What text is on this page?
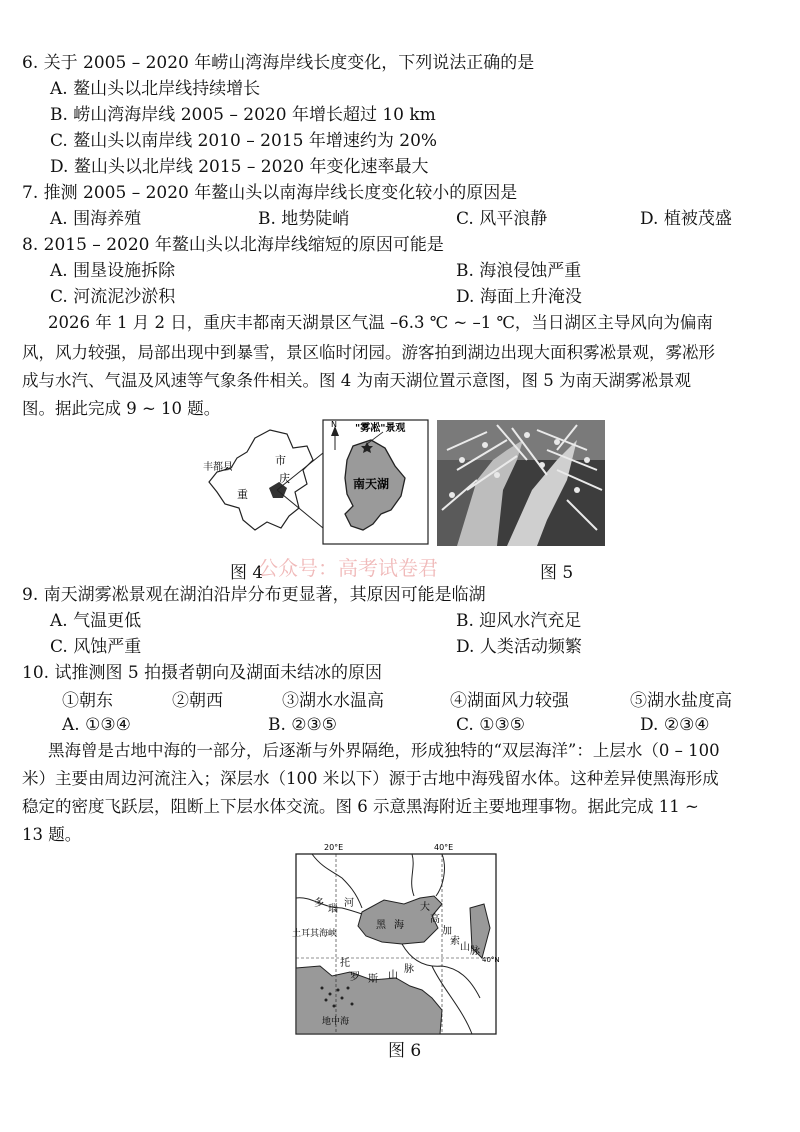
6. 关于 2005 – 2020 年崂山湾海岸线长度变化，下列说法正确的是
A. 鳌山头以北岸线持续增长
B. 崂山湾海岸线 2005 – 2020 年增长超过 10 km
C. 鳌山头以南岸线 2010 – 2015 年增速约为 20%
D. 鳌山头以北岸线 2015 – 2020 年变化速率最大
7. 推测 2005 – 2020 年鳌山头以南海岸线长度变化较小的原因是
A. 围海养殖	B. 地势陡峭	C. 风平浪静	D. 植被茂盛
8. 2015 – 2020 年鳌山头以北海岸线缩短的原因可能是
A. 围垦设施拆除	B. 海浪侵蚀严重
C. 河流泥沙淤积	D. 海面上升淹没
2026 年 1 月 2 日，重庆丰都南天湖景区气温 –6.3 ℃ ~ –1 ℃，当日湖区主导风向为偏南
风，风力较强，局部出现中到暴雪，景区临时闭园。游客拍到湖边出现大面积雾凇景观，雾凇形
成与水汽、气温及风速等气象条件相关。图 4 为南天湖位置示意图，图 5 为南天湖雾凇景观
图。据此完成 9 ~ 10 题。
N "雾凇"景观
南天湖
丰都县
市
庆
重
图 4
公众号：高考试卷君	图 5
9. 南天湖雾凇景观在湖泊沿岸分布更显著，其原因可能是临湖
A. 气温更低	B. 迎风水汽充足
C. 风蚀严重	D. 人类活动频繁
10. 试推测图 5 拍摄者朝向及湖面未结冰的原因
①朝东	②朝西	③湖水水温高	④湖面风力较强	⑤湖水盐度高
A. ①③④	B. ②③⑤	C. ①③⑤	D. ②③④
黑海曾是古地中海的一部分，后逐渐与外界隔绝，形成独特的“双层海洋”：上层水（0 – 100
米）主要由周边河流注入；深层水（100 米以下）源于古地中海残留水体。这种差异使黑海形成
稳定的密度飞跃层，阻断上下层水体交流。图 6 示意黑海附近主要地理事物。据此完成 11 ~
13 题。
20°E	40°E
40°N
多
瑙
河
土耳其海峡
黑 海
大
高
加
索
山 脉
托
罗 斯 山
脉
地中海
图 6
